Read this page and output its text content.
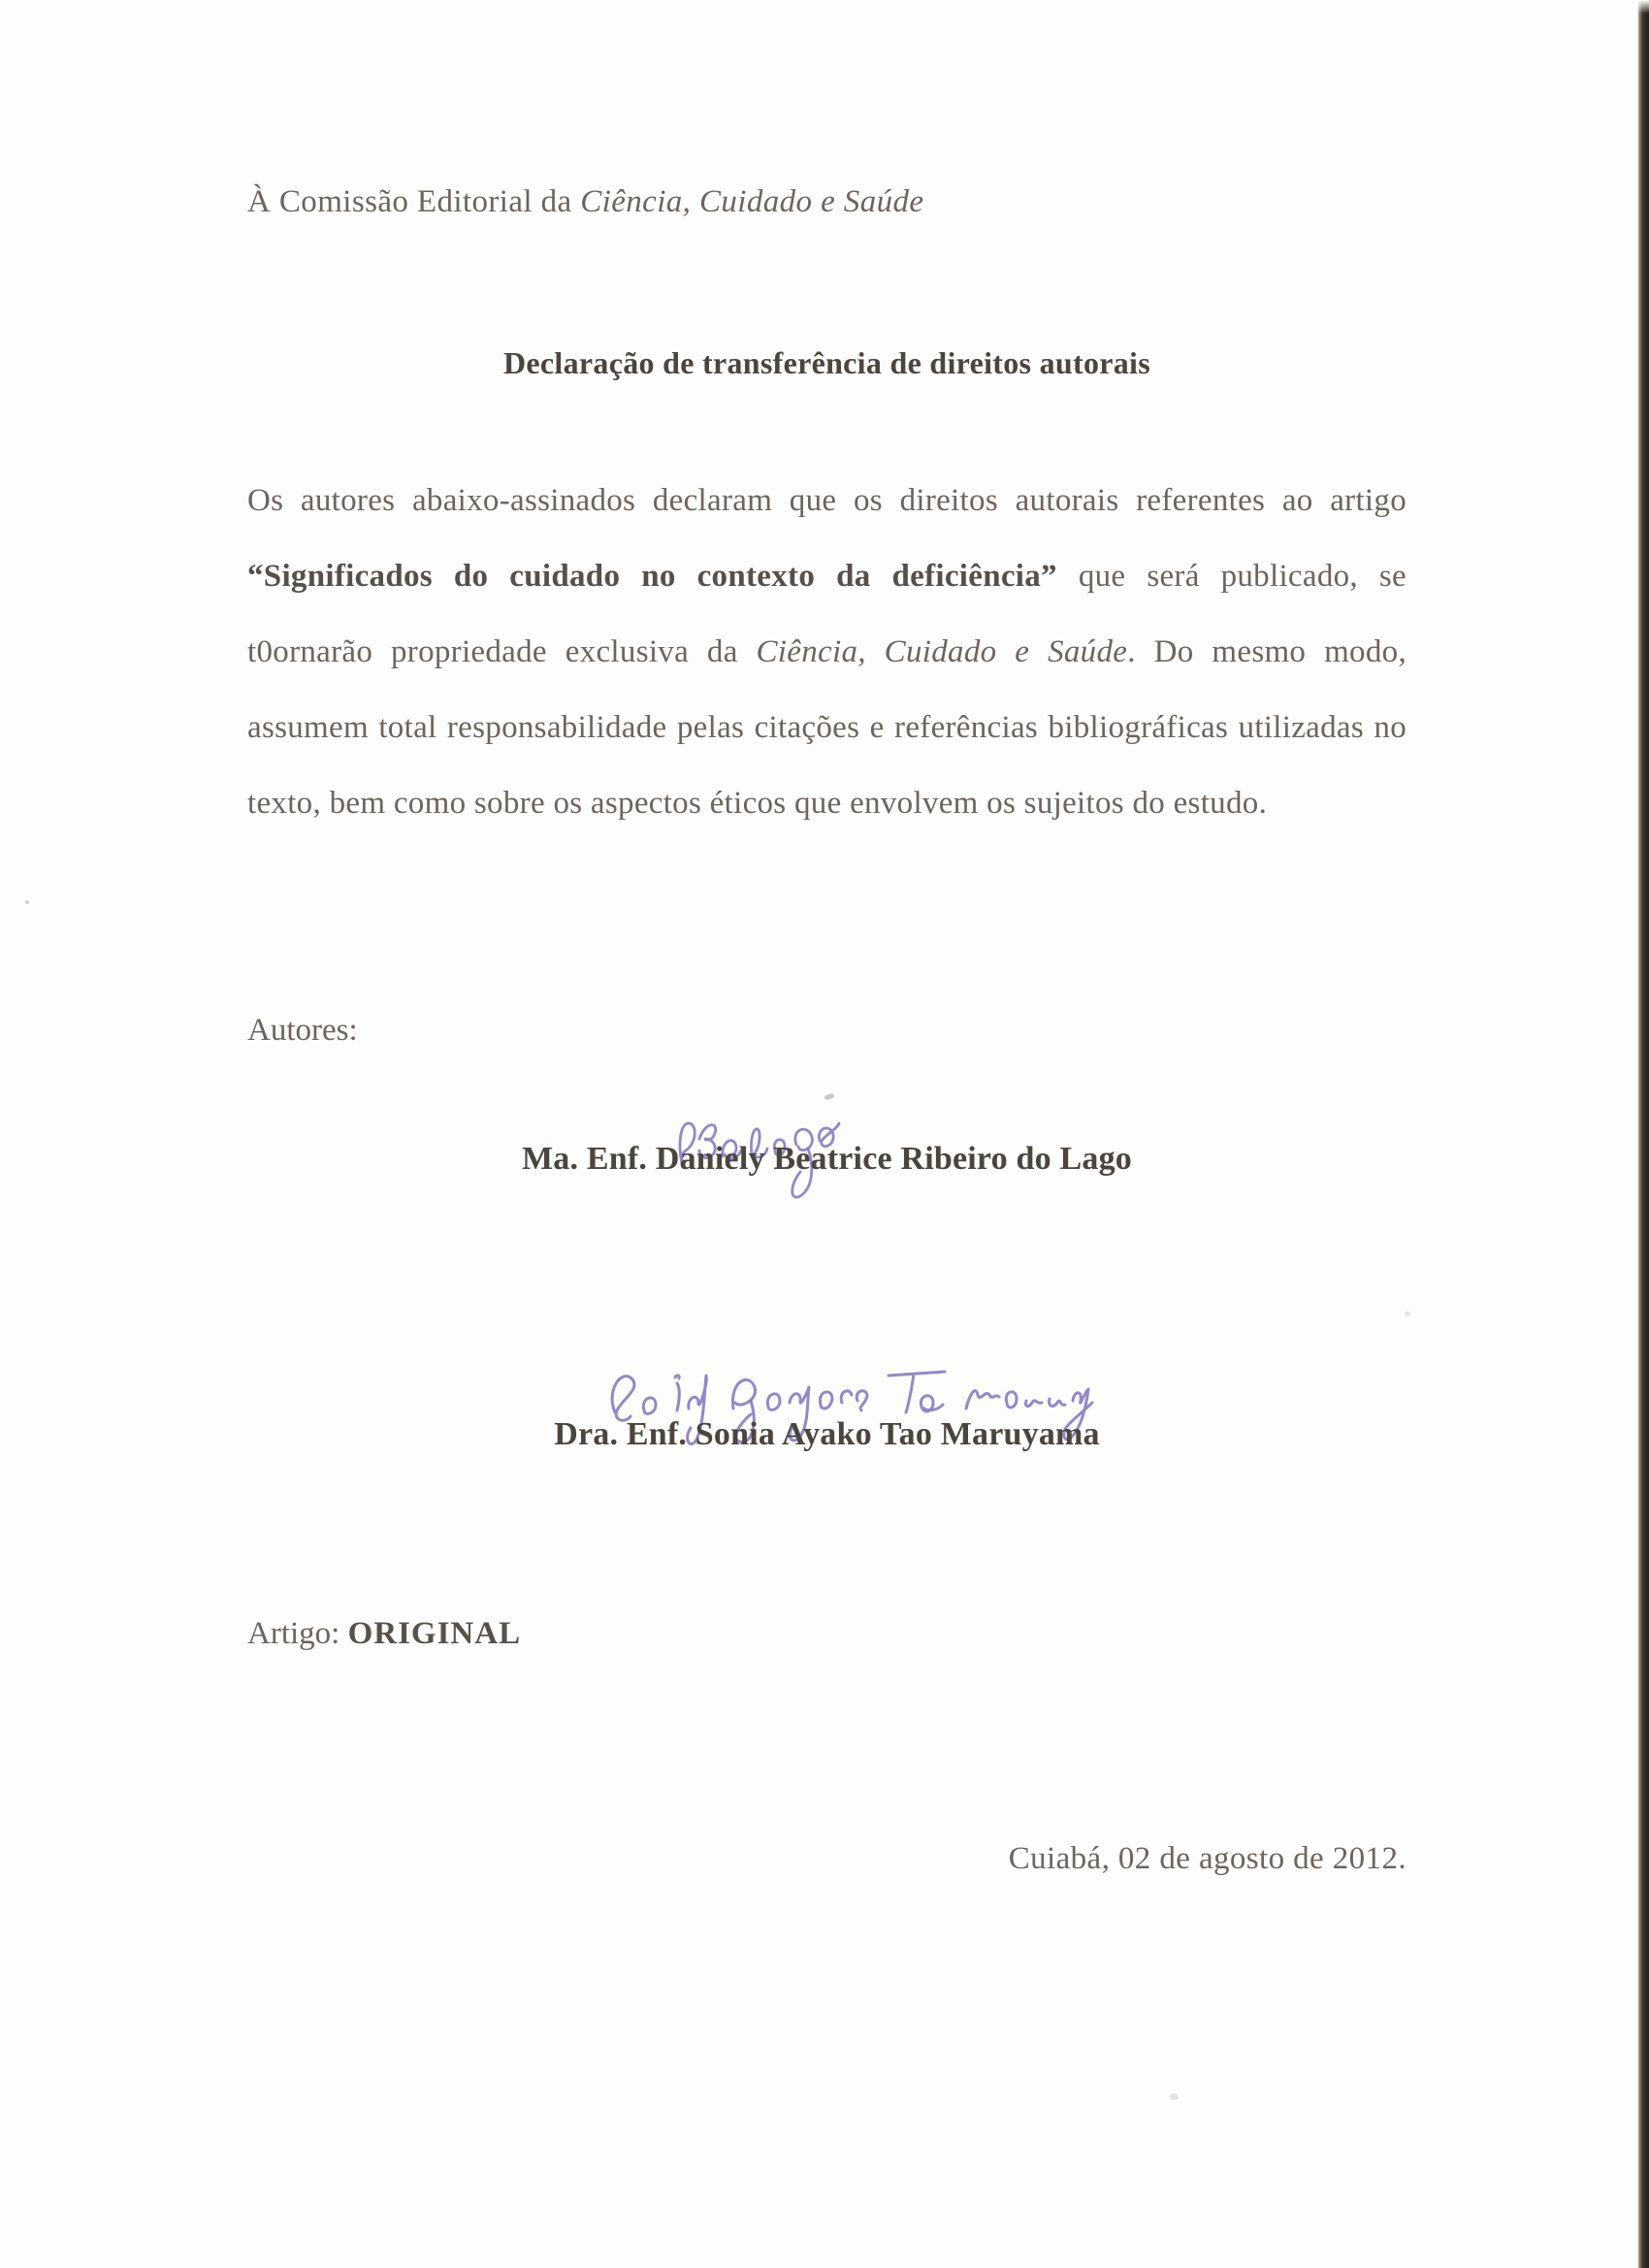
À Comissão Editorial da Ciência, Cuidado e Saúde
Declaração de transferência de direitos autorais
Os autores abaixo-assinados declaram que os direitos autorais referentes ao artigo
“Significados do cuidado no contexto da deficiência” que será publicado, se
t0ornarão propriedade exclusiva da Ciência, Cuidado e Saúde. Do mesmo modo,
assumem total responsabilidade pelas citações e referências bibliográficas utilizadas no
texto, bem como sobre os aspectos éticos que envolvem os sujeitos do estudo.
Autores:
Ma. Enf. Daniely Beatrice Ribeiro do Lago
Dra. Enf. Sonia Ayako Tao Maruyama
Artigo: ORIGINAL
Cuiabá, 02 de agosto de 2012.
